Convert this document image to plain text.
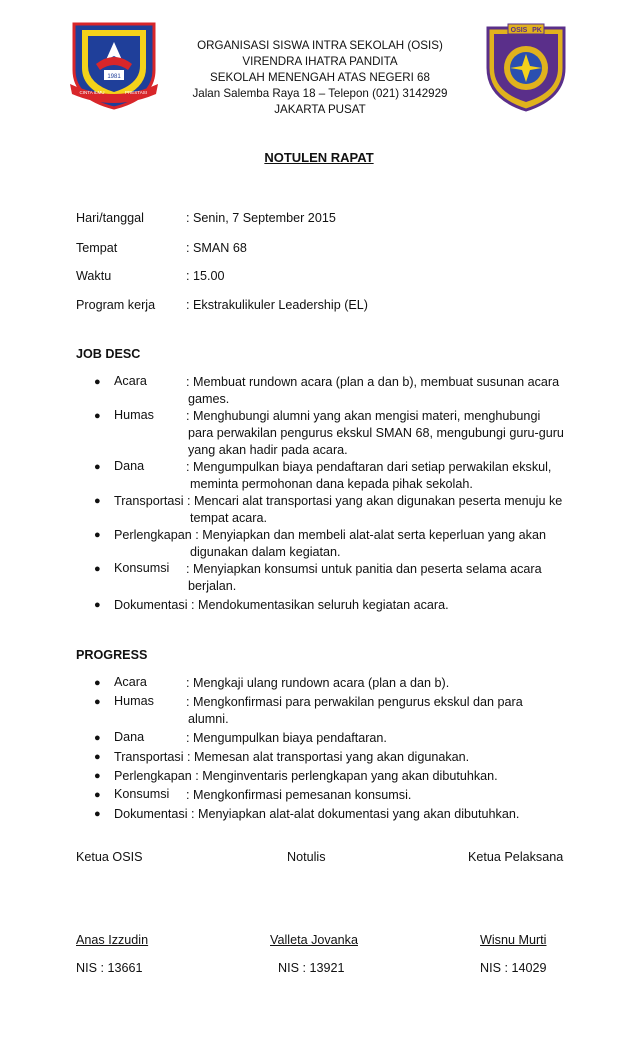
1981
CINTA ILMU	PRESTASI
ORGANISASI SISWA INTRA SEKOLAH (OSIS)
VIRENDRA IHATRA PANDITA
SEKOLAH MENENGAH ATAS NEGERI 68
Jalan Salemba Raya 18 – Telepon (021) 3142929
JAKARTA PUSAT
OSIS PK
NOTULEN RAPAT
Hari/tanggal	: Senin, 7 September 2015
Tempat	: SMAN 68
Waktu	: 15.00
Program kerja : Ekstrakulikuler Leadership (EL)
JOB DESC
● Acara	: Membuat rundown acara (plan a dan b), membuat susunan acara
games.
● Humas	: Menghubungi alumni yang akan mengisi materi, menghubungi
para perwakilan pengurus ekskul SMAN 68, mengubungi guru-guru
yang akan hadir pada acara.
● Dana	: Mengumpulkan biaya pendaftaran dari setiap perwakilan ekskul,
meminta permohonan dana kepada pihak sekolah.
● Transportasi : Mencari alat transportasi yang akan digunakan peserta menuju ke
tempat acara.
● Perlengkapan : Menyiapkan dan membeli alat-alat serta keperluan yang akan
digunakan dalam kegiatan.
● Konsumsi : Menyiapkan konsumsi untuk panitia dan peserta selama acara
berjalan.
● Dokumentasi : Mendokumentasikan seluruh kegiatan acara.
PROGRESS
● Acara	: Mengkaji ulang rundown acara (plan a dan b).
● Humas	: Mengkonfirmasi para perwakilan pengurus ekskul dan para
alumni.
● Dana	: Mengumpulkan biaya pendaftaran.
● Transportasi : Memesan alat transportasi yang akan digunakan.
● Perlengkapan : Menginventaris perlengkapan yang akan dibutuhkan.
● Konsumsi : Mengkonfirmasi pemesanan konsumsi.
● Dokumentasi : Menyiapkan alat-alat dokumentasi yang akan dibutuhkan.
Ketua OSIS	Notulis	Ketua Pelaksana
Anas Izzudin	Valleta Jovanka	Wisnu Murti
NIS : 13661	NIS : 13921	NIS : 14029
